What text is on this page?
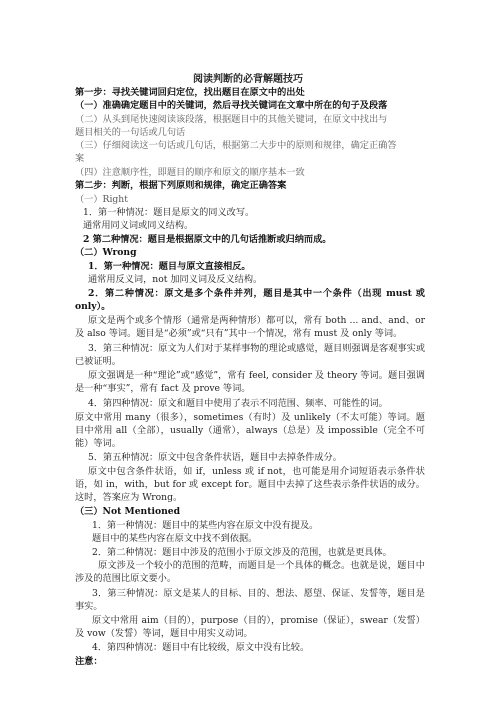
阅读判断的必背解题技巧
第一步：寻找关键词回归定位，找出题目在原文中的出处
（一）准确确定题目中的关键词，然后寻找关键词在文章中所在的句子及段落
（二）从头到尾快速阅读该段落，根据题目中的其他关键词，在原文中找出与
题目相关的一句话或几句话
（三）仔细阅读这一句话或几句话，根据第二大步中的原则和规律，确定正确答
案
（四）注意顺序性，即题目的顺序和原文的顺序基本一致
第二步：判断，根据下列原则和规律，确定正确答案
（一）Right
1．第一种情况：题目是原文的同义改写。
通常用同义词或同义结构。
2 第二种情况：题目是根据原文中的几句话推断或归纳而成。
（二）Wrong
1．第一种情况：题目与原文直接相反。
通常用反义词，not 加同义词及反义结构。
2．第二种情况：原文是多个条件并列，题目是其中一个条件（出现 must 或 only）。
原文是两个或多个情形（通常是两种情形）都可以，常有 both ... and、and、or 及 also 等词。题目是“必须”或“只有”其中一个情况，常有 must 及 only 等词。
3．第三种情况：原文为人们对于某样事物的理论或感觉，题目则强调是客观事实或已被证明。
原文强调是一种“理论”或“感觉”，常有 feel, consider 及 theory 等词。题目强调是一种“事实”，常有 fact 及 prove 等词。
4．第四种情况：原文和题目中使用了表示不同范围、频率、可能性的词。
原文中常用 many（很多），sometimes（有时）及 unlikely（不太可能）等词。题目中常用 all（全部），usually（通常），always（总是）及 impossible（完全不可能）等词。
5．第五种情况：原文中包含条件状语，题目中去掉条件成分。
原文中包含条件状语，如 if，unless 或 if not，也可能是用介词短语表示条件状语，如 in，with，but for 或 except for。题目中去掉了这些表示条件状语的成分。这时，答案应为 Wrong。
（三）Not Mentioned
1．第一种情况：题目中的某些内容在原文中没有提及。
题目中的某些内容在原文中找不到依据。
2．第二种情况：题目中涉及的范围小于原文涉及的范围，也就是更具体。
原文涉及一个较小的范围的范畴，而题目是一个具体的概念。也就是说，题目中涉及的范围比原文要小。
3．第三种情况：原文是某人的目标、目的、想法、愿望、保证、发誓等，题目是事实。
原文中常用 aim（目的），purpose（目的），promise（保证），swear（发誓）及 vow（发誓）等词，题目中用实义动词。
4．第四种情况：题目中有比较级，原文中没有比较。
注意：
